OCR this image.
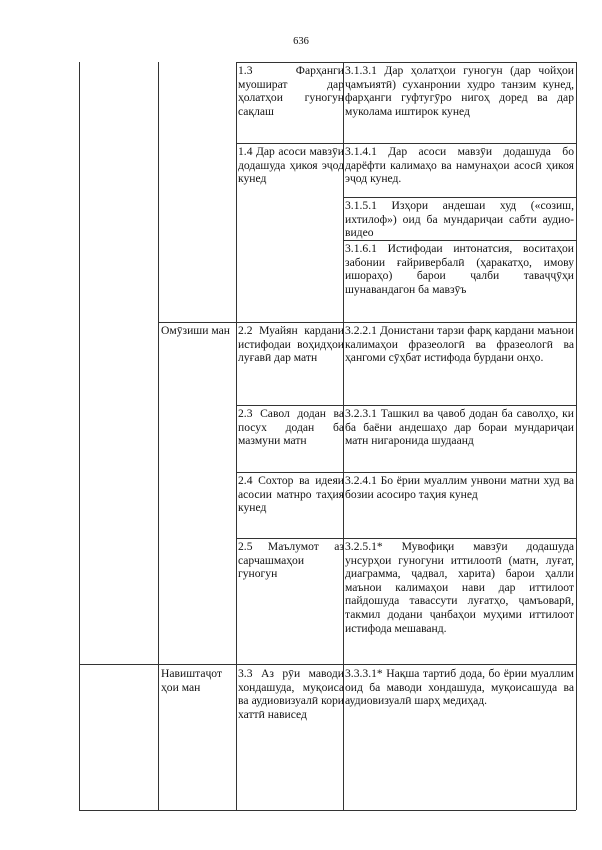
636
1.3 Фарҳанги муошират дар ҳолатҳои гуногун сақлаш
3.1.3.1 Дар ҳолатҳои гуногун (дар чойҳои ҷамъиятӣ) суханронии худро танзим кунед, фарҳанги гуфтугӯро нигоҳ доред ва дар муколама иштирок кунед
1.4 Дар асоси мавзӯи додашуда ҳикоя эҷод кунед
3.1.4.1 Дар асоси мавзӯи додашуда бо дарёфти калимаҳо ва намунаҳои асосӣ ҳикоя эҷод кунед.
3.1.5.1 Изҳори андешаи худ («созиш, ихтилоф») оид ба мундариҷаи сабти аудио-видео
3.1.6.1 Истифодаи интонатсия, воситаҳои забонии ғайривербалӣ (ҳаракатҳо, имову ишораҳо) барои ҷалби таваҷҷӯҳи шунавандагон ба мавзӯъ
Омӯзиши ман 2.2 Муайян кардани истифодаи воҳидҳои луғавӣ дар матн
3.2.2.1 Донистани тарзи фарқ кардани маънои калимаҳои фразеологӣ ва фразеологӣ ва ҳангоми сӯҳбат истифода бурдани онҳо.
2.3 Савол додан ва посух додан ба мазмуни матн
3.2.3.1 Ташкил ва ҷавоб додан ба саволҳо, ки ба баёни андешаҳо дар бораи мундариҷаи матн нигаронида шудаанд
2.4 Сохтор ва идеяи асосии матнро таҳия кунед
3.2.4.1 Бо ёрии муаллим унвони матни худ ва бозии асосиро таҳия кунед
2.5 Маълумот аз сарчашмаҳои гуногун
3.2.5.1* Мувофиқи мавзӯи додашуда унсурҳои гуногуни иттилоотӣ (матн, луғат, диаграмма, ҷадвал, харита) барои ҳалли маънои калимаҳои нави дар иттилоот пайдошуда тавассути луғатҳо, ҷамъоварӣ, такмил додани ҷанбаҳои муҳими иттилоот истифода мешаванд.
Навиштаҷот ҳои ман
3.3 Аз рӯи маводи хондашуда, муқоиса ва аудиовизуалӣ кори хаттӣ нависед
3.3.3.1* Нақша тартиб дода, бо ёрии муаллим оид ба маводи хондашуда, муқоисашуда ва аудиовизуалӣ шарҳ медиҳад.
